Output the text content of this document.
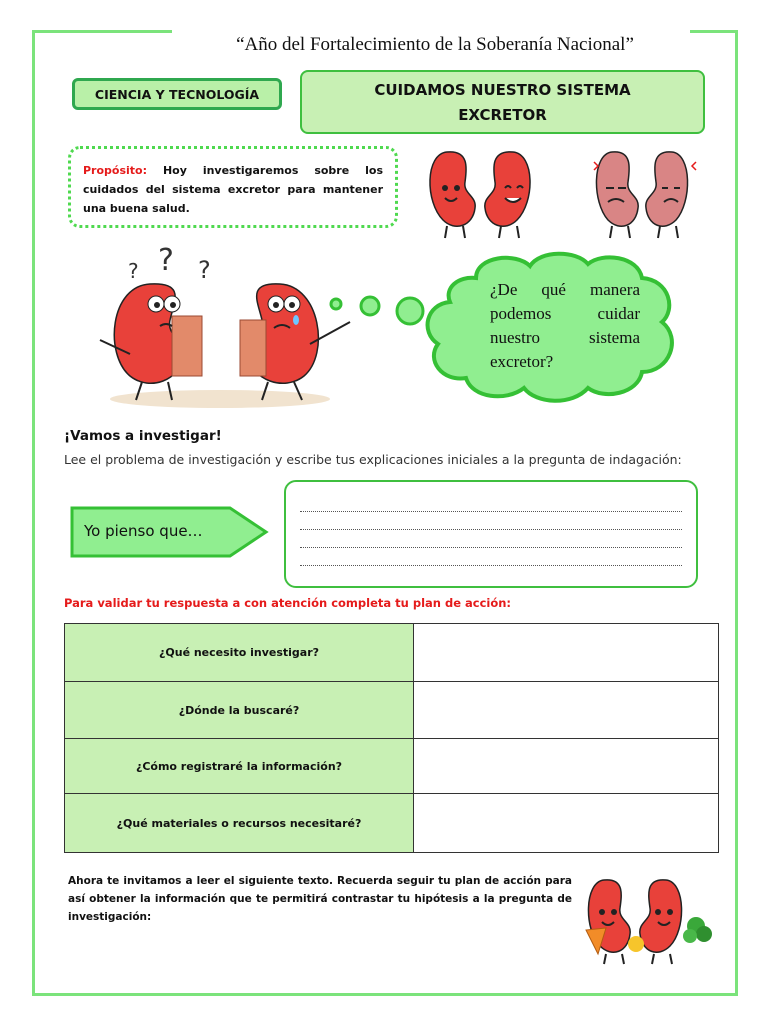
“Año del Fortalecimiento de la Soberanía Nacional”
CIENCIA Y TECNOLOGÍA	CUIDAMOS NUESTRO SISTEMA
EXCRETOR
Propósito: Hoy investigaremos sobre los cuidados del sistema excretor para mantener una buena salud.
? ? ?
¿De qué manera podemos cuidar nuestro sistema excretor?
¡Vamos a investigar!
Lee el problema de investigación y escribe tus explicaciones iniciales a la pregunta de indagación:
Yo pienso que…
Para validar tu respuesta a con atención completa tu plan de acción:
¿Qué necesito investigar?	
¿Dónde la buscaré?	
¿Cómo registraré la información?	
¿Qué materiales o recursos necesitaré?	
Ahora te invitamos a leer el siguiente texto. Recuerda seguir tu plan de acción para así obtener la información que te permitirá contrastar tu hipótesis a la pregunta de investigación:
